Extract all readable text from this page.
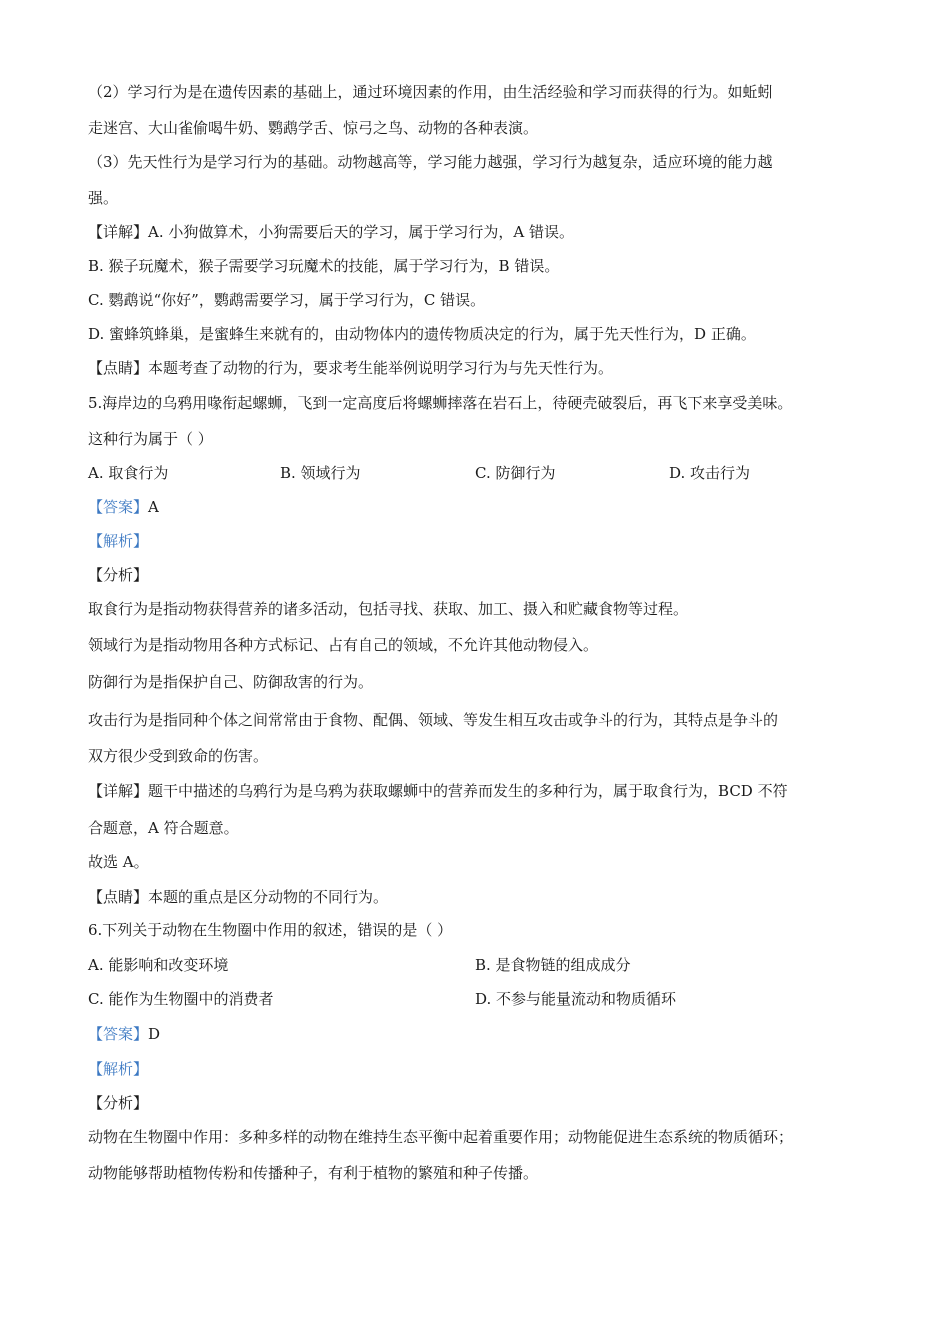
（2）学习行为是在遗传因素的基础上，通过环境因素的作用，由生活经验和学习而获得的行为。如蚯蚓
走迷宫、大山雀偷喝牛奶、鹦鹉学舌、惊弓之鸟、动物的各种表演。
（3）先天性行为是学习行为的基础。动物越高等，学习能力越强，学习行为越复杂，适应环境的能力越
强。
【详解】A. 小狗做算术，小狗需要后天的学习，属于学习行为，A 错误。
B. 猴子玩魔术，猴子需要学习玩魔术的技能，属于学习行为，B 错误。
C. 鹦鹉说“你好”，鹦鹉需要学习，属于学习行为，C 错误。
D. 蜜蜂筑蜂巢，是蜜蜂生来就有的，由动物体内的遗传物质决定的行为，属于先天性行为，D 正确。
【点睛】本题考查了动物的行为，要求考生能举例说明学习行为与先天性行为。
5.海岸边的乌鸦用喙衔起螺蛳，飞到一定高度后将螺蛳摔落在岩石上，待硬壳破裂后，再飞下来享受美味。
这种行为属于（ ）
A. 取食行为	B. 领域行为	C. 防御行为	D. 攻击行为
【答案】A
【解析】
【分析】
取食行为是指动物获得营养的诸多活动，包括寻找、获取、加工、摄入和贮藏食物等过程。
领域行为是指动物用各种方式标记、占有自己的领域，不允许其他动物侵入。
防御行为是指保护自己、防御敌害的行为。
攻击行为是指同种个体之间常常由于食物、配偶、领域、等发生相互攻击或争斗的行为，其特点是争斗的
双方很少受到致命的伤害。
【详解】题干中描述的乌鸦行为是乌鸦为获取螺蛳中的营养而发生的多种行为，属于取食行为，BCD 不符
合题意，A 符合题意。
故选 A。
【点睛】本题的重点是区分动物的不同行为。
6.下列关于动物在生物圈中作用的叙述，错误的是（ ）
A. 能影响和改变环境	B. 是食物链的组成成分
C. 能作为生物圈中的消费者	D. 不参与能量流动和物质循环
【答案】D
【解析】
【分析】
动物在生物圈中作用：多种多样的动物在维持生态平衡中起着重要作用；动物能促进生态系统的物质循环；
动物能够帮助植物传粉和传播种子，有利于植物的繁殖和种子传播。
